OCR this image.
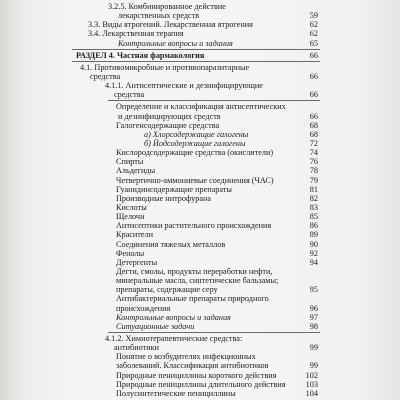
3.2.5. Комбинированное действие
лекарственных средств	59
3.3. Виды ятрогений. Лекарственная ятрогения	62
3.4. Лекарственная терапия	62
Контрольные вопросы и задания	65
РАЗДЕЛ 4. Частная фармакология	66
4.1. Противомикробные и противопаразитарные
средства	66
4.1.1. Антисептические и дезинфицирующие
средства	66
Определение и классификация антисептических
и дезинфицирующих средств	66
Галогенсодержащие средства	68
а) Хлорсодержащие галогены	68
б) Йодсодержащие галогены	72
Кислородсодержащие средства (окислители)	74
Спирты	76
Альдегиды	78
Четвертично-аммониевые соединения (ЧАС)	79
Гуанидинсодержащие препараты	81
Производные нитрофурана	82
Кислоты	83
Щелочи	85
Антисептики растительного происхождения	86
Красители	89
Соединения тяжелых металлов	90
Фенолы	92
Детергенты	94
Дегти, смолы, продукты переработки нефти,
минеральные масла, синтетические бальзамы;
препараты, содержащие серу	95
Антибактериальные препараты природного
происхождения	96
Контрольные вопросы и задания	97
Ситуационные задачи	98
4.1.2. Химиотерапевтические средства:
антибиотики	99
Понятие о возбудителях инфекционных
заболеваний. Классификация антибиотиков	99
Природные пенициллины короткого действия	102
Природные пенициллины длительного действия 103
Полусинтетические пенициллины	104
